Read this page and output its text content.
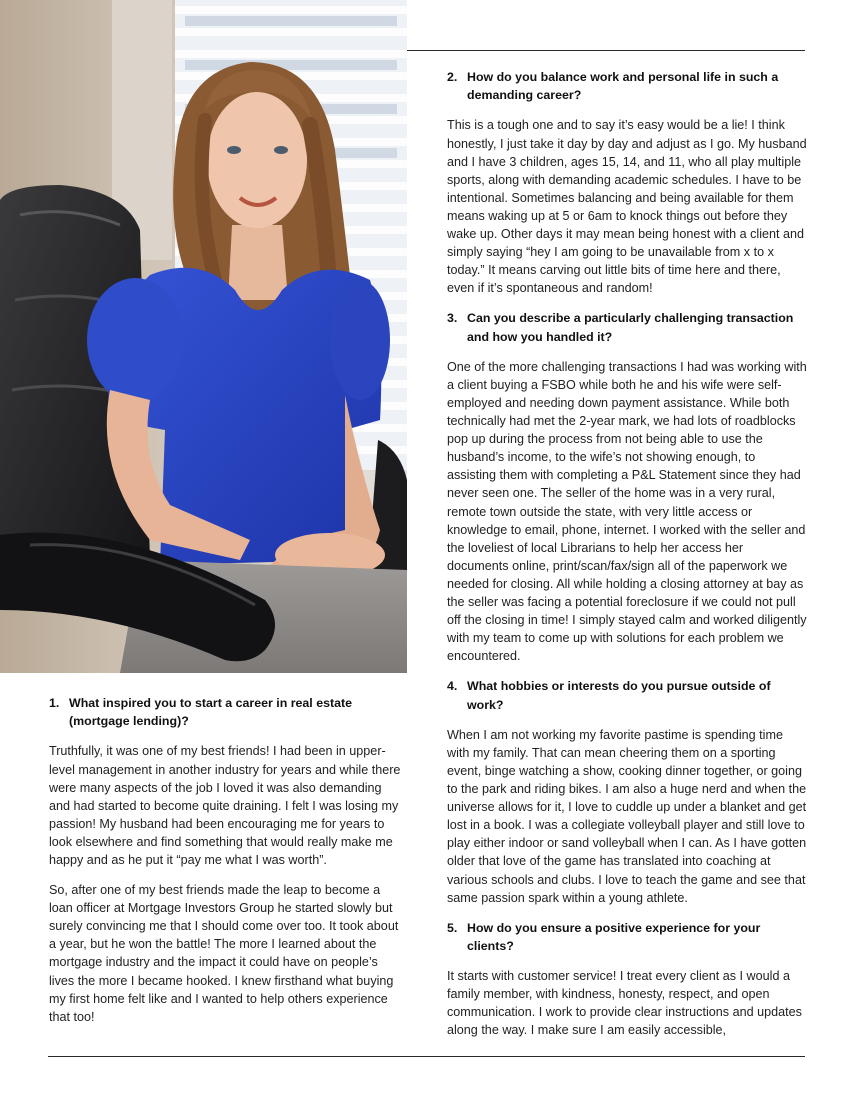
1. What inspired you to start a career in real estate (mortgage lending)?

Truthfully, it was one of my best friends! I had been in upper-level management in another industry for years and while there were many aspects of the job I loved it was also demanding and had started to become quite draining. I felt I was losing my passion! My husband had been encouraging me for years to look elsewhere and find something that would really make me happy and as he put it “pay me what I was worth”.

So, after one of my best friends made the leap to become a loan officer at Mortgage Investors Group he started slowly but surely convincing me that I should come over too. It took about a year, but he won the battle! The more I learned about the mortgage industry and the impact it could have on people’s lives the more I became hooked. I knew firsthand what buying my first home felt like and I wanted to help others experience that too!

2. How do you balance work and personal life in such a demanding career?

This is a tough one and to say it’s easy would be a lie! I think honestly, I just take it day by day and adjust as I go. My husband and I have 3 children, ages 15, 14, and 11, who all play multiple sports, along with demanding academic schedules. I have to be intentional. Sometimes balancing and being available for them means waking up at 5 or 6am to knock things out before they wake up. Other days it may mean being honest with a client and simply saying “hey I am going to be unavailable from x to x today.” It means carving out little bits of time here and there, even if it’s spontaneous and random!

3. Can you describe a particularly challenging transaction and how you handled it?

One of the more challenging transactions I had was working with a client buying a FSBO while both he and his wife were self-employed and needing down payment assistance. While both technically had met the 2-year mark, we had lots of roadblocks pop up during the process from not being able to use the husband’s income, to the wife’s not showing enough, to assisting them with completing a P&L Statement since they had never seen one. The seller of the home was in a very rural, remote town outside the state, with very little access or knowledge to email, phone, internet. I worked with the seller and the loveliest of local Librarians to help her access her documents online, print/scan/fax/sign all of the paperwork we needed for closing. All while holding a closing attorney at bay as the seller was facing a potential foreclosure if we could not pull off the closing in time! I simply stayed calm and worked diligently with my team to come up with solutions for each problem we encountered.

4. What hobbies or interests do you pursue outside of work?

When I am not working my favorite pastime is spending time with my family. That can mean cheering them on a sporting event, binge watching a show, cooking dinner together, or going to the park and riding bikes. I am also a huge nerd and when the universe allows for it, I love to cuddle up under a blanket and get lost in a book. I was a collegiate volleyball player and still love to play either indoor or sand volleyball when I can. As I have gotten older that love of the game has translated into coaching at various schools and clubs. I love to teach the game and see that same passion spark within a young athlete.

5. How do you ensure a positive experience for your clients?

It starts with customer service! I treat every client as I would a family member, with kindness, honesty, respect, and open communication. I work to provide clear instructions and updates along the way. I make sure I am easily accessible,
